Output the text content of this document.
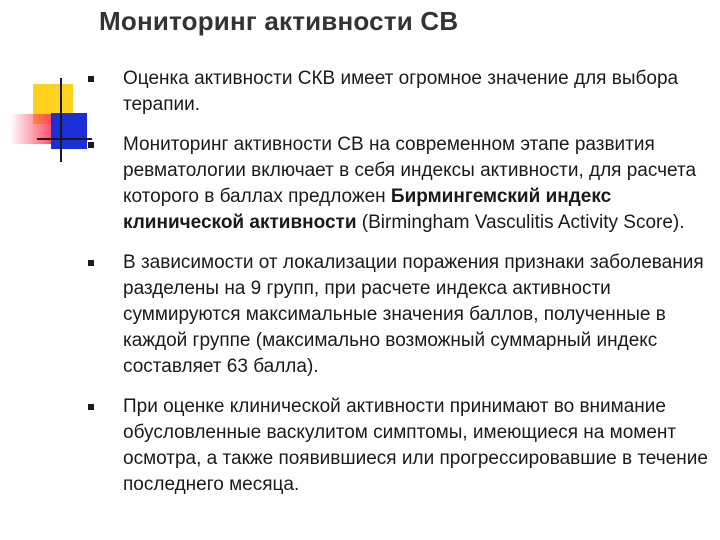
Мониторинг активности СВ
Оценка активности СКВ имеет огромное значение для выбора терапии.
Мониторинг активности СВ на современном этапе развития ревматологии включает в себя индексы активности, для расчета которого в баллах предложен Бирмингемский индекс клинической активности (Birmingham Vasculitis Activity Score).
В зависимости от локализации поражения признаки заболевания разделены на 9 групп, при расчете индекса активности суммируются максимальные значения баллов, полученные в каждой группе (максимально возможный суммарный индекс составляет 63 балла).
При оценке клинической активности принимают во внимание обусловленные васкулитом симптомы, имеющиеся на момент осмотра, а также появившиеся или прогрессировавшие в течение последнего месяца.
